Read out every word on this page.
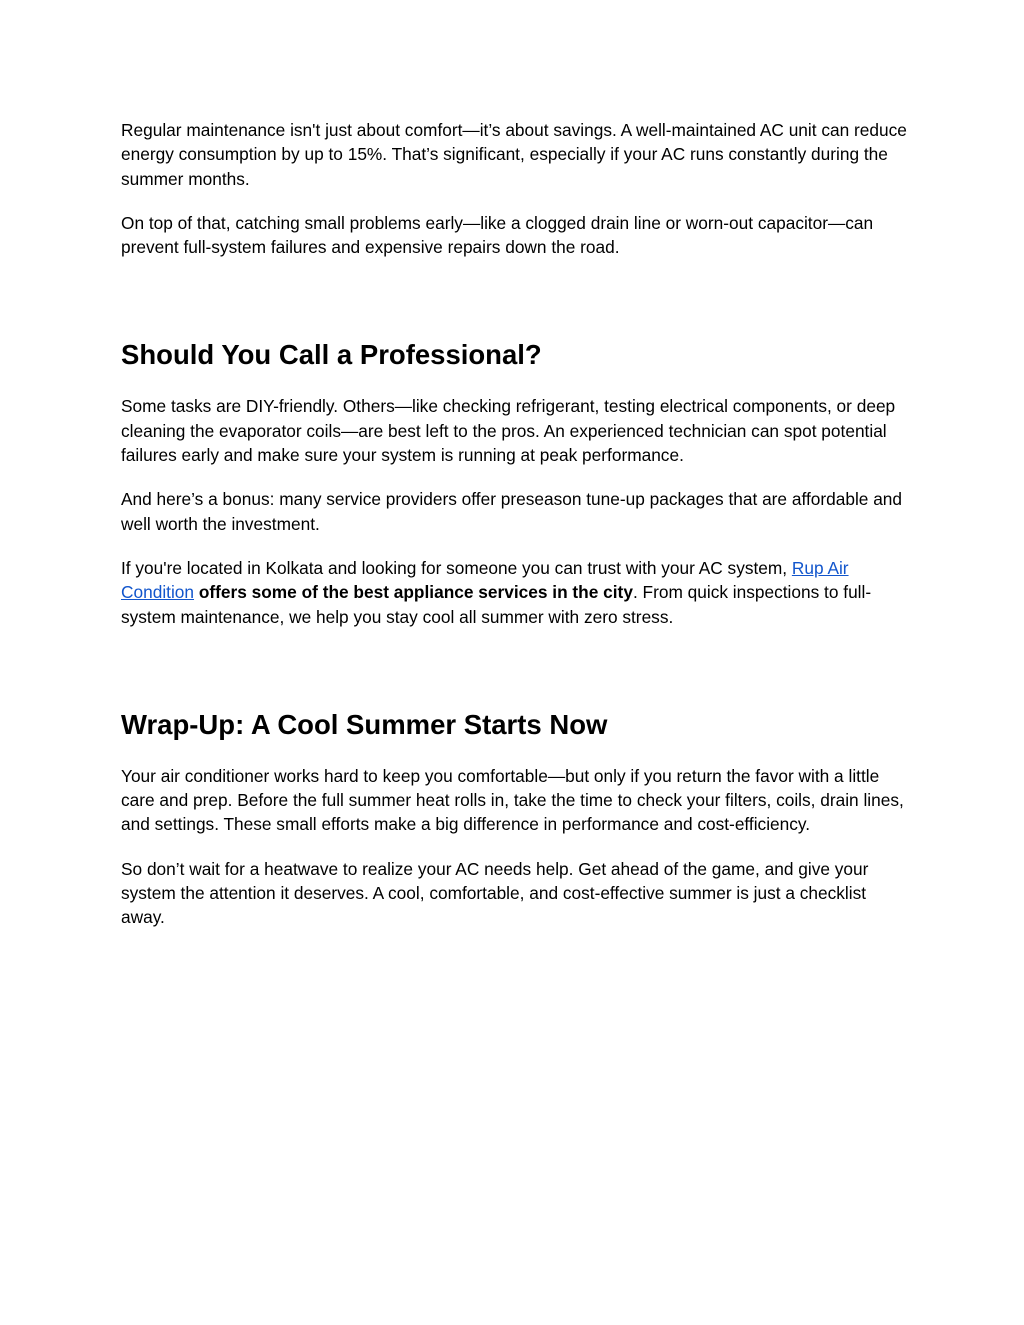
Regular maintenance isn't just about comfort—it’s about savings. A well-maintained AC unit can reduce energy consumption by up to 15%. That’s significant, especially if your AC runs constantly during the summer months.

On top of that, catching small problems early—like a clogged drain line or worn-out capacitor—can prevent full-system failures and expensive repairs down the road.

Should You Call a Professional?

Some tasks are DIY-friendly. Others—like checking refrigerant, testing electrical components, or deep cleaning the evaporator coils—are best left to the pros. An experienced technician can spot potential failures early and make sure your system is running at peak performance.

And here’s a bonus: many service providers offer preseason tune-up packages that are affordable and well worth the investment.

If you're located in Kolkata and looking for someone you can trust with your AC system, Rup Air Condition offers some of the best appliance services in the city. From quick inspections to full-system maintenance, we help you stay cool all summer with zero stress.

Wrap-Up: A Cool Summer Starts Now

Your air conditioner works hard to keep you comfortable—but only if you return the favor with a little care and prep. Before the full summer heat rolls in, take the time to check your filters, coils, drain lines, and settings. These small efforts make a big difference in performance and cost-efficiency.

So don’t wait for a heatwave to realize your AC needs help. Get ahead of the game, and give your system the attention it deserves. A cool, comfortable, and cost-effective summer is just a checklist away.
